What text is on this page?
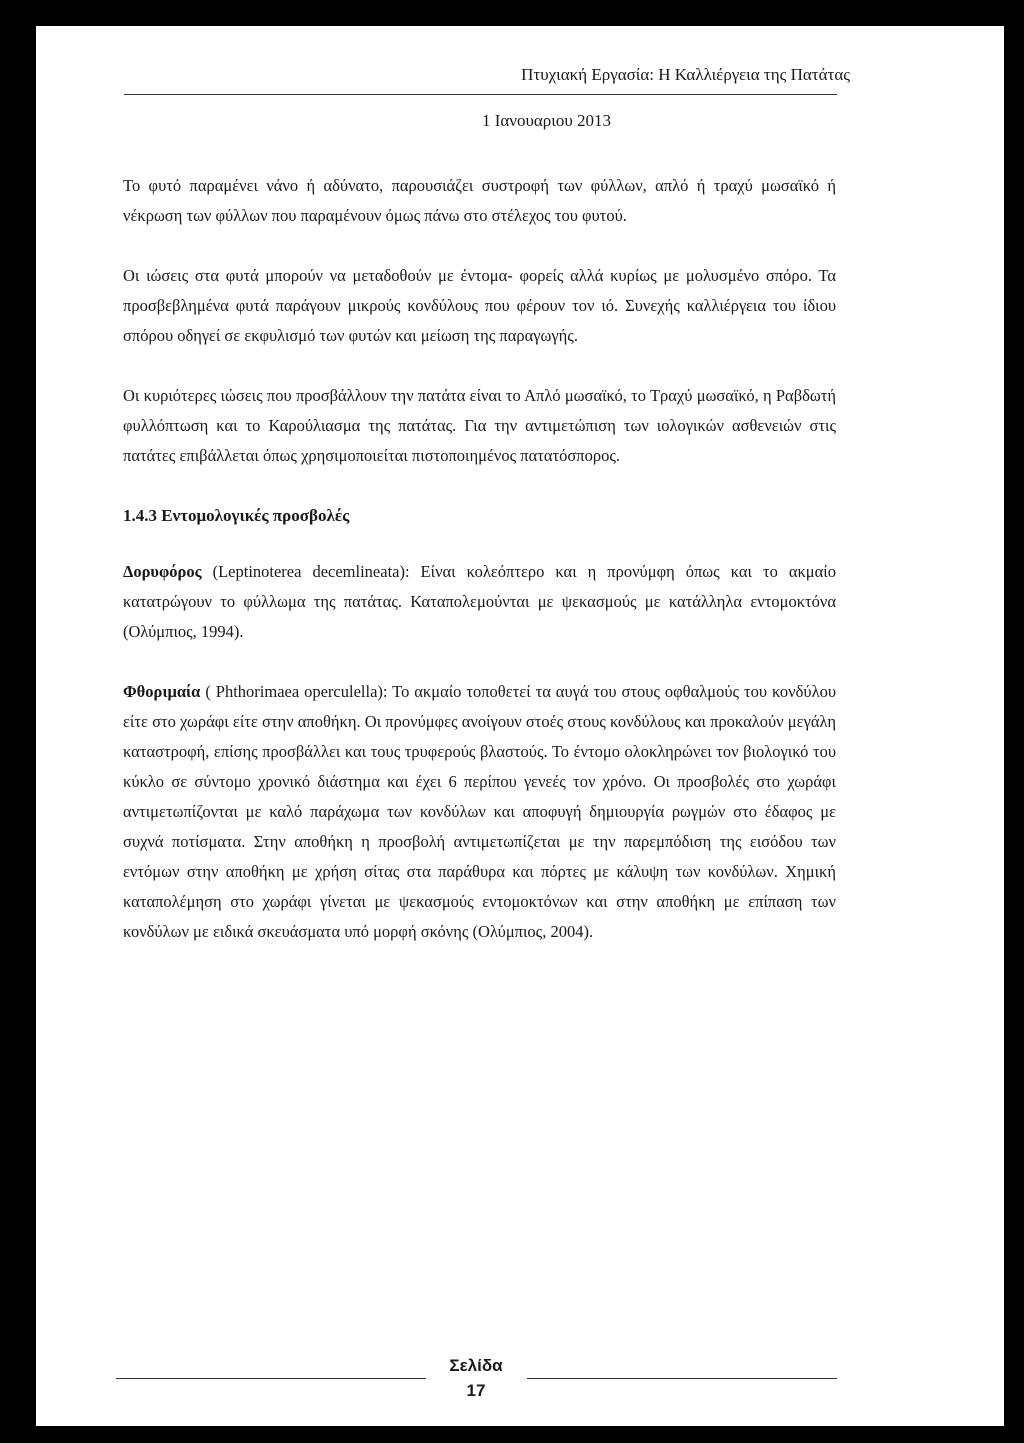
Πτυχιακή Εργασία: Η Καλλιέργεια της Πατάτας
1 Ιανουαριου 2013

Το φυτό παραμένει νάνο ή αδύνατο, παρουσιάζει συστροφή των φύλλων, απλό ή τραχύ μωσαϊκό ή νέκρωση των φύλλων που παραμένουν όμως πάνω στο στέλεχος του φυτού.

Οι ιώσεις στα φυτά μπορούν να μεταδοθούν με έντομα- φορείς αλλά κυρίως με μολυσμένο σπόρο. Τα προσβεβλημένα φυτά παράγουν μικρούς κονδύλους που φέρουν τον ιό. Συνεχής καλλιέργεια του ίδιου σπόρου οδηγεί σε εκφυλισμό των φυτών και μείωση της παραγωγής.

Οι κυριότερες ιώσεις που προσβάλλουν την πατάτα είναι το Απλό μωσαϊκό, το Τραχύ μωσαϊκό, η Ραβδωτή φυλλόπτωση και το Καρούλιασμα της πατάτας. Για την αντιμετώπιση των ιολογικών ασθενειών στις πατάτες επιβάλλεται όπως χρησιμοποιείται πιστοποιημένος πατατόσπορος.

1.4.3 Εντομολογικές προσβολές

Δορυφόρος (Leptinoterea decemlineata): Είναι κολεόπτερο και η προνύμφη όπως και το ακμαίο κατατρώγουν το φύλλωμα της πατάτας. Καταπολεμούνται με ψεκασμούς με κατάλληλα εντομοκτόνα (Ολύμπιος, 1994).

Φθοριμαία ( Phthorimaea operculella): Το ακμαίο τοποθετεί τα αυγά του στους οφθαλμούς του κονδύλου είτε στο χωράφι είτε στην αποθήκη. Οι προνύμφες ανοίγουν στοές στους κονδύλους και προκαλούν μεγάλη καταστροφή, επίσης προσβάλλει και τους τρυφερούς βλαστούς. Το έντομο ολοκληρώνει τον βιολογικό του κύκλο σε σύντομο χρονικό διάστημα και έχει 6 περίπου γενεές τον χρόνο. Οι προσβολές στο χωράφι αντιμετωπίζονται με καλό παράχωμα των κονδύλων και αποφυγή δημιουργία ρωγμών στο έδαφος με συχνά ποτίσματα. Στην αποθήκη η προσβολή αντιμετωπίζεται με την παρεμπόδιση της εισόδου των εντόμων στην αποθήκη με χρήση σίτας στα παράθυρα και πόρτες με κάλυψη των κονδύλων. Χημική καταπολέμηση στο χωράφι γίνεται με ψεκασμούς εντομοκτόνων και στην αποθήκη με επίπαση των κονδύλων με ειδικά σκευάσματα υπό μορφή σκόνης (Ολύμπιος, 2004).

Σελίδα
17
